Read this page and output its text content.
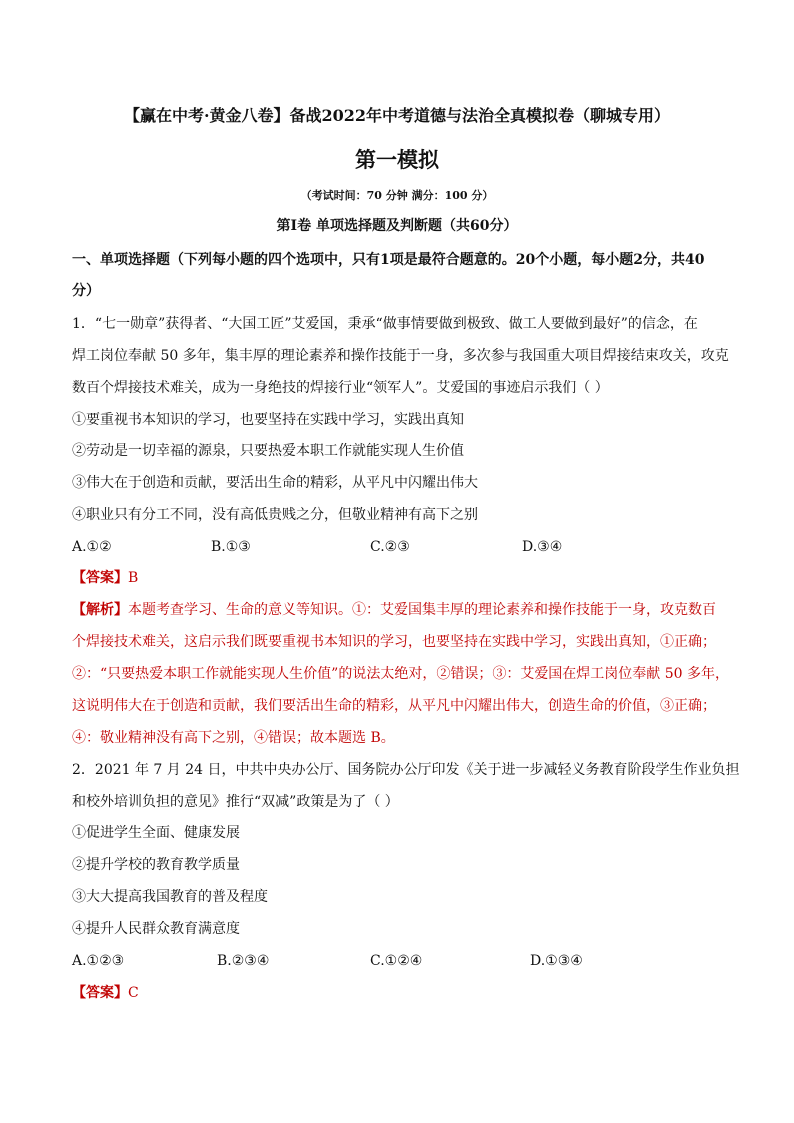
【赢在中考·黄金八卷】备战2022年中考道德与法治全真模拟卷（聊城专用）
第一模拟
（考试时间：70 分钟 满分：100 分）
第Ⅰ卷 单项选择题及判断题（共60分）
一、单项选择题（下列每小题的四个选项中，只有1项是最符合题意的。20个小题，每小题2分，共40
分）
1．“七一勋章”获得者、“大国工匠”艾爱国，秉承“做事情要做到极致、做工人要做到最好”的信念，在
焊工岗位奉献 50 多年，集丰厚的理论素养和操作技能于一身，多次参与我国重大项目焊接结束攻关，攻克
数百个焊接技术难关，成为一身绝技的焊接行业“领军人”。艾爱国的事迹启示我们（ ）
①要重视书本知识的学习，也要坚持在实践中学习，实践出真知
②劳动是一切幸福的源泉，只要热爱本职工作就能实现人生价值
③伟大在于创造和贡献，要活出生命的精彩，从平凡中闪耀出伟大
④职业只有分工不同，没有高低贵贱之分，但敬业精神有高下之别
A.①②	B.①③	C.②③	D.③④
【答案】B
【解析】本题考查学习、生命的意义等知识。①：艾爱国集丰厚的理论素养和操作技能于一身，攻克数百
个焊接技术难关，这启示我们既要重视书本知识的学习，也要坚持在实践中学习，实践出真知，①正确；
②：“只要热爱本职工作就能实现人生价值”的说法太绝对，②错误；③：艾爱国在焊工岗位奉献 50 多年，
这说明伟大在于创造和贡献，我们要活出生命的精彩，从平凡中闪耀出伟大，创造生命的价值，③正确；
④：敬业精神没有高下之别，④错误；故本题选 B。
2．2021 年 7 月 24 日，中共中央办公厅、国务院办公厅印发《关于进一步减轻义务教育阶段学生作业负担
和校外培训负担的意见》推行“双减”政策是为了（ ）
①促进学生全面、健康发展
②提升学校的教育教学质量
③大大提高我国教育的普及程度
④提升人民群众教育满意度
A.①②③	B.②③④	C.①②④	D.①③④
【答案】C
